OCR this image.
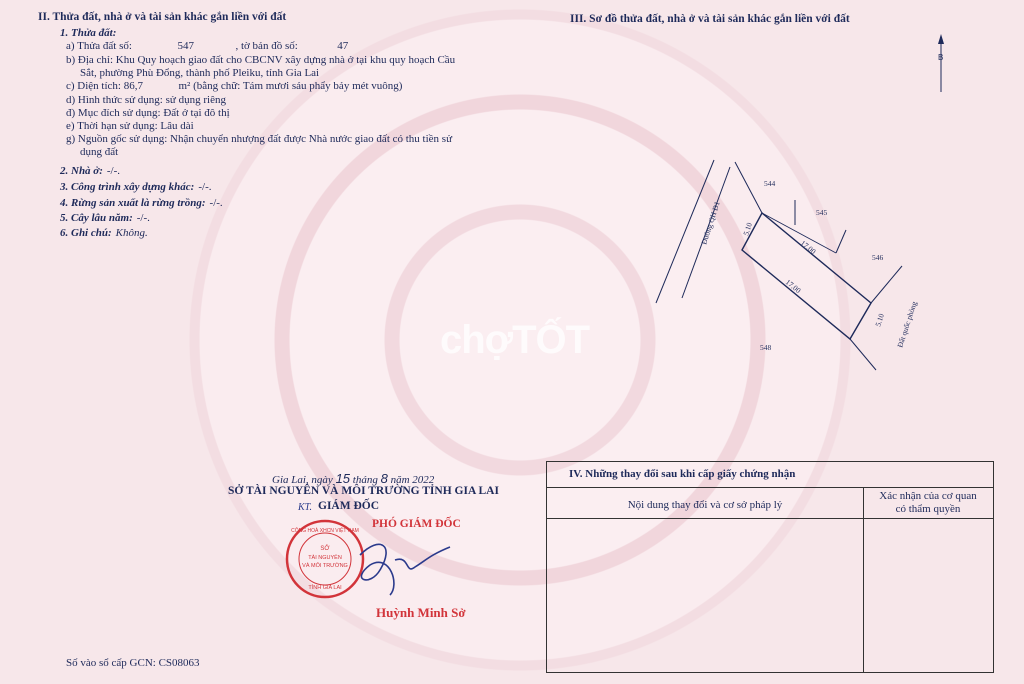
II. Thửa đất, nhà ở và tài sản khác gắn liền với đất
1. Thửa đất:
a) Thửa đất số:	547	, tờ bản đồ số:	47
b) Địa chỉ: Khu Quy hoạch giao đất cho CBCNV xây dựng nhà ở tại khu quy hoạch Cầu
Sắt, phường Phù Đổng, thành phố Pleiku, tỉnh Gia Lai
c) Diện tích: 86,7	m² (bằng chữ: Tám mươi sáu phẩy bảy mét vuông)
d) Hình thức sử dụng: sử dụng riêng
đ) Mục đích sử dụng: Đất ở tại đô thị
e) Thời hạn sử dụng: Lâu dài
g) Nguồn gốc sử dụng: Nhận chuyển nhượng đất được Nhà nước giao đất có thu tiền sử
dụng đất
2. Nhà ở: -/-.
3. Công trình xây dựng khác: -/-.
4. Rừng sản xuất là rừng trồng: -/-.
5. Cây lâu năm: -/-.
6. Ghi chú: Không.
III. Sơ đồ thửa đất, nhà ở và tài sản khác gắn liền với đất
B
Đường QH D1
Đất quốc phòng
544
545
546
548
5.10
17.00
17.00
5.10
chợTỐT
Gia Lai, ngày 15 tháng 8 năm 2022
SỞ TÀI NGUYÊN VÀ MÔI TRƯỜNG TỈNH GIA LAI
KT. GIÁM ĐỐC
PHÓ GIÁM ĐỐC
SỞ
TÀI NGUYÊN
VÀ MÔI TRƯỜNG
TỈNH GIA LAI
CỘNG HOÀ XHCN VIỆT NAM
Huỳnh Minh Sở
IV. Những thay đổi sau khi cấp giấy chứng nhận
Nội dung thay đổi và cơ sở pháp lý
Xác nhận của cơ quan
có thẩm quyền
Số vào sổ cấp GCN: CS08063
